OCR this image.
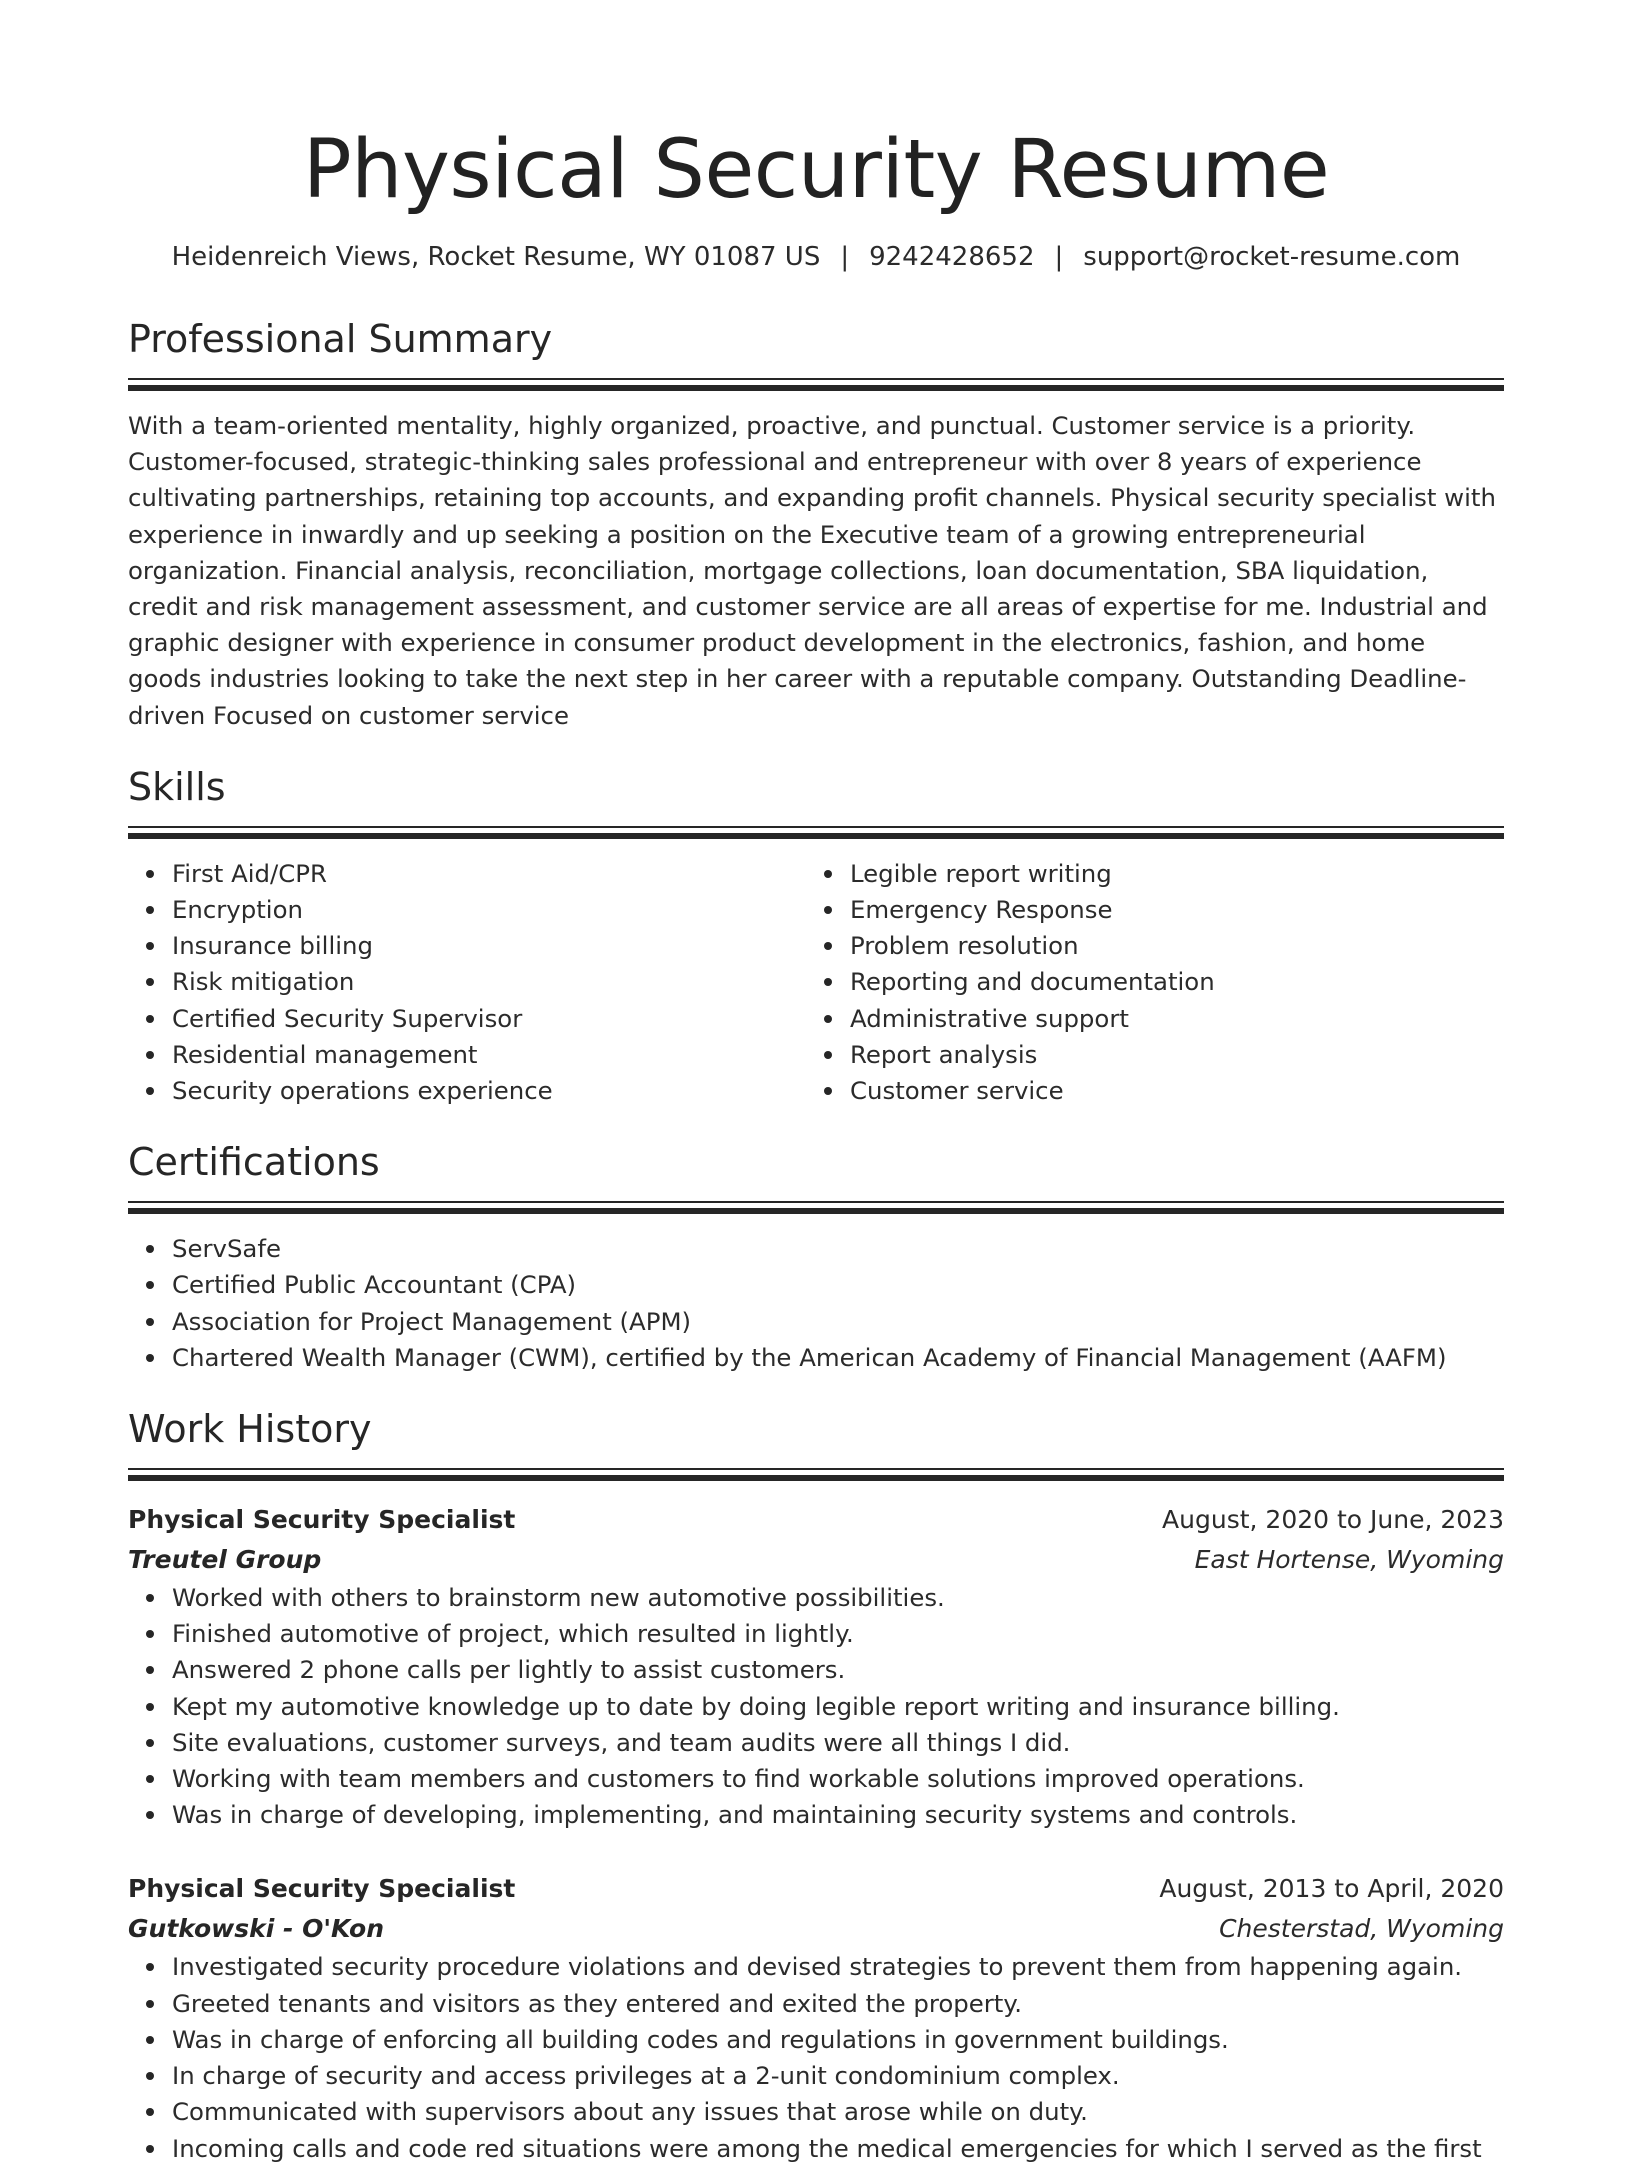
Physical Security Resume
Heidenreich Views, Rocket Resume, WY 01087 US | 9242428652 | support@rocket-resume.com
Professional Summary
With a team-oriented mentality, highly organized, proactive, and punctual. Customer service is a priority. Customer-focused, strategic-thinking sales professional and entrepreneur with over 8 years of experience cultivating partnerships, retaining top accounts, and expanding profit channels. Physical security specialist with experience in inwardly and up seeking a position on the Executive team of a growing entrepreneurial organization. Financial analysis, reconciliation, mortgage collections, loan documentation, SBA liquidation, credit and risk management assessment, and customer service are all areas of expertise for me. Industrial and graphic designer with experience in consumer product development in the electronics, fashion, and home goods industries looking to take the next step in her career with a reputable company. Outstanding Deadline-driven Focused on customer service
Skills
First Aid/CPR
Encryption
Insurance billing
Risk mitigation
Certified Security Supervisor
Residential management
Security operations experience
Legible report writing
Emergency Response
Problem resolution
Reporting and documentation
Administrative support
Report analysis
Customer service
Certifications
ServSafe
Certified Public Accountant (CPA)
Association for Project Management (APM)
Chartered Wealth Manager (CWM), certified by the American Academy of Financial Management (AAFM)
Work History
Physical Security Specialist	August, 2020 to June, 2023
Treutel Group	East Hortense, Wyoming
Worked with others to brainstorm new automotive possibilities.
Finished automotive of project, which resulted in lightly.
Answered 2 phone calls per lightly to assist customers.
Kept my automotive knowledge up to date by doing legible report writing and insurance billing.
Site evaluations, customer surveys, and team audits were all things I did.
Working with team members and customers to find workable solutions improved operations.
Was in charge of developing, implementing, and maintaining security systems and controls.
Physical Security Specialist	August, 2013 to April, 2020
Gutkowski - O'Kon	Chesterstad, Wyoming
Investigated security procedure violations and devised strategies to prevent them from happening again.
Greeted tenants and visitors as they entered and exited the property.
Was in charge of enforcing all building codes and regulations in government buildings.
In charge of security and access privileges at a 2-unit condominium complex.
Communicated with supervisors about any issues that arose while on duty.
Incoming calls and code red situations were among the medical emergencies for which I served as the first
